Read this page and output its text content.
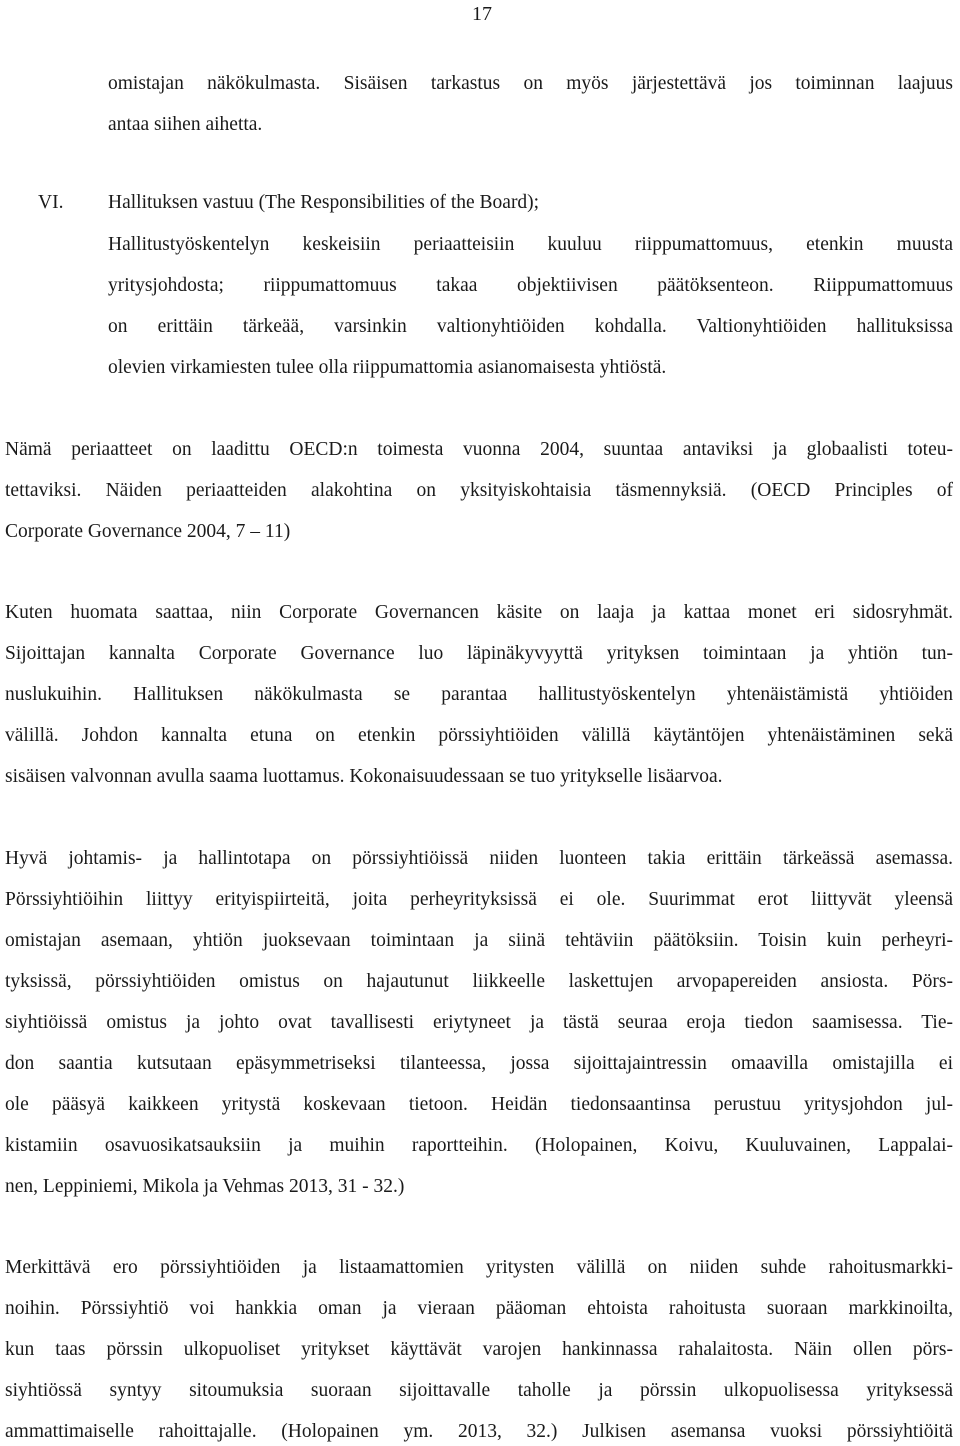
17
omistajan näkökulmasta. Sisäisen tarkastus on myös järjestettävä jos toiminnan laajuus
antaa siihen aihetta.
VI. Hallituksen vastuu (The Responsibilities of the Board);
Hallitustyöskentelyn keskeisiin periaatteisiin kuuluu riippumattomuus, etenkin muusta
yritysjohdosta; riippumattomuus takaa objektiivisen päätöksenteon. Riippumattomuus
on erittäin tärkeää, varsinkin valtionyhtiöiden kohdalla. Valtionyhtiöiden hallituksissa
olevien virkamiesten tulee olla riippumattomia asianomaisesta yhtiöstä.
Nämä periaatteet on laadittu OECD:n toimesta vuonna 2004, suuntaa antaviksi ja globaalisti toteu-
tettaviksi. Näiden periaatteiden alakohtina on yksityiskohtaisia täsmennyksiä. (OECD Principles of
Corporate Governance 2004, 7 – 11)
Kuten huomata saattaa, niin Corporate Governancen käsite on laaja ja kattaa monet eri sidosryhmät.
Sijoittajan kannalta Corporate Governance luo läpinäkyvyyttä yrityksen toimintaan ja yhtiön tun-
nuslukuihin. Hallituksen näkökulmasta se parantaa hallitustyöskentelyn yhtenäistämistä yhtiöiden
välillä. Johdon kannalta etuna on etenkin pörssiyhtiöiden välillä käytäntöjen yhtenäistäminen sekä
sisäisen valvonnan avulla saama luottamus. Kokonaisuudessaan se tuo yritykselle lisäarvoa.
Hyvä johtamis- ja hallintotapa on pörssiyhtiöissä niiden luonteen takia erittäin tärkeässä asemassa.
Pörssiyhtiöihin liittyy erityispiirteitä, joita perheyrityksissä ei ole. Suurimmat erot liittyvät yleensä
omistajan asemaan, yhtiön juoksevaan toimintaan ja siinä tehtäviin päätöksiin. Toisin kuin perheyri-
tyksissä, pörssiyhtiöiden omistus on hajautunut liikkeelle laskettujen arvopapereiden ansiosta. Pörs-
siyhtiöissä omistus ja johto ovat tavallisesti eriytyneet ja tästä seuraa eroja tiedon saamisessa. Tie-
don saantia kutsutaan epäsymmetriseksi tilanteessa, jossa sijoittajaintressin omaavilla omistajilla ei
ole pääsyä kaikkeen yritystä koskevaan tietoon. Heidän tiedonsaantinsa perustuu yritysjohdon jul-
kistamiin osavuosikatsauksiin ja muihin raportteihin. (Holopainen, Koivu, Kuuluvainen, Lappalai-
nen, Leppiniemi, Mikola ja Vehmas 2013, 31 - 32.)
Merkittävä ero pörssiyhtiöiden ja listaamattomien yritysten välillä on niiden suhde rahoitusmarkki-
noihin. Pörssiyhtiö voi hankkia oman ja vieraan pääoman ehtoista rahoitusta suoraan markkinoilta,
kun taas pörssin ulkopuoliset yritykset käyttävät varojen hankinnassa rahalaitosta. Näin ollen pörs-
siyhtiössä syntyy sitoumuksia suoraan sijoittavalle taholle ja pörssin ulkopuolisessa yrityksessä
ammattimaiselle rahoittajalle. (Holopainen ym. 2013, 32.) Julkisen asemansa vuoksi pörssiyhtiöitä
